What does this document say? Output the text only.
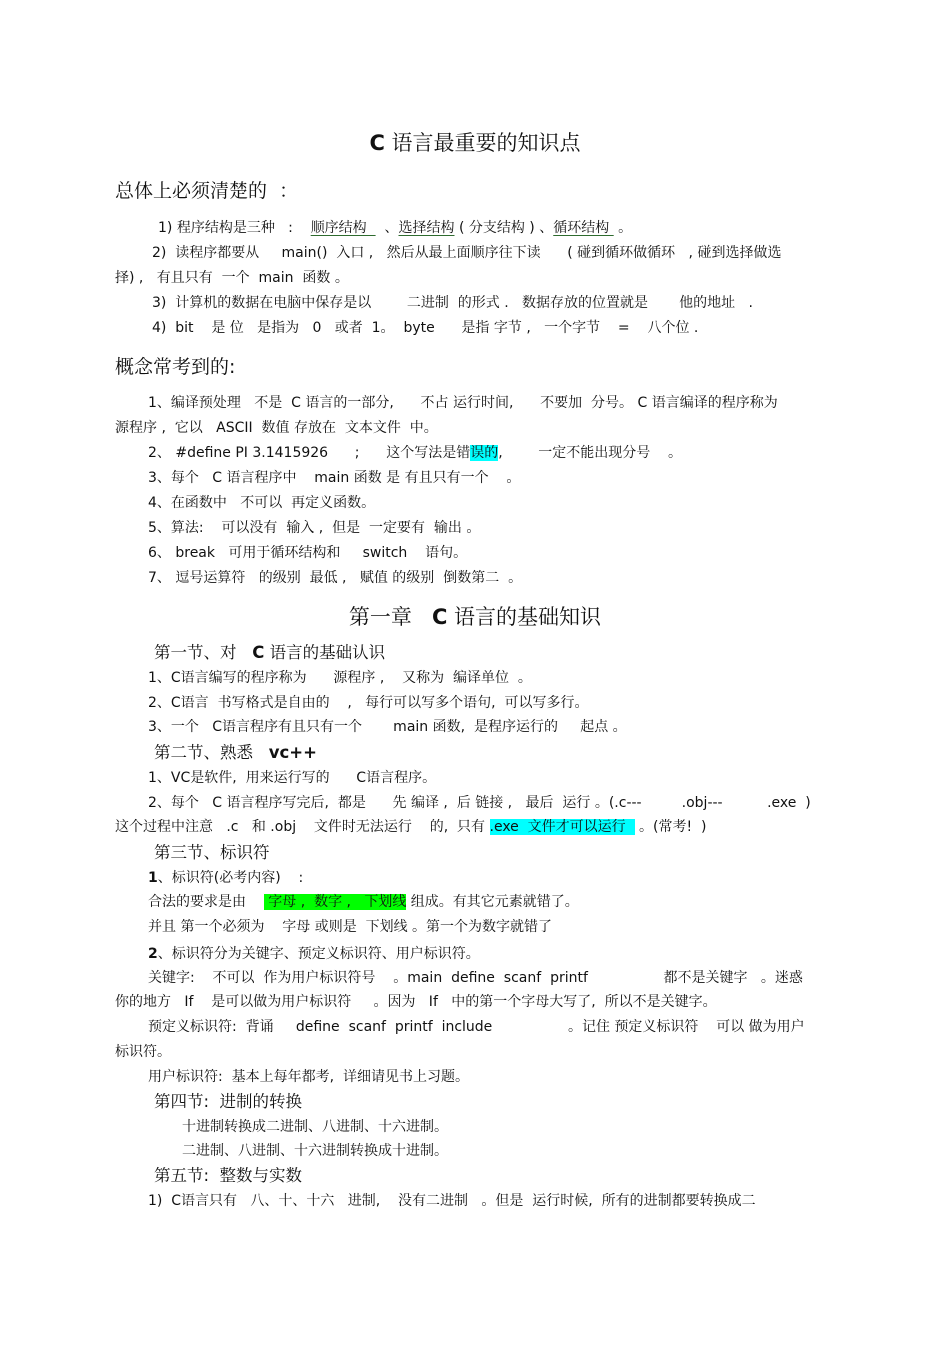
C 语言最重要的知识点
总体上必须清楚的  ：
1) 程序结构是三种   :    顺序结构    、选择结构 ( 分支结构 ) 、循环结构  。
2)  读程序都要从     main()  入口 ,   然后从最上面顺序往下读      ( 碰到循环做循环   , 碰到选择做选
择) ,   有且只有  一个  main  函数 。
3)  计算机的数据在电脑中保存是以        二进制  的形式 .   数据存放的位置就是       他的地址   .
4)  bit    是 位   是指为   0   或者  1。  byte      是指 字节 ,   一个字节    =    八个位 .
概念常考到的:
1、编译预处理   不是  C 语言的一部分,      不占 运行时间,      不要加  分号。 C 语言编译的程序称为
源程序 ,  它以   ASCII  数值 存放在  文本文件  中。
2、 #define PI 3.1415926      ;      这个写法是错误的,        一定不能出现分号    。
3、每个   C 语言程序中    main 函数 是 有且只有一个    。
4、在函数中   不可以  再定义函数。
5、算法:    可以没有  输入 ,  但是  一定要有  输出 。
6、 break   可用于循环结构和     switch    语句。
7、 逗号运算符   的级别  最低 ,   赋值 的级别  倒数第二  。
第一章   C 语言的基础知识
第一节、对   C 语言的基础认识
1、C语言编写的程序称为      源程序 ,    又称为  编译单位  。
2、C语言  书写格式是自由的    ,   每行可以写多个语句,  可以写多行。
3、一个   C语言程序有且只有一个       main 函数,  是程序运行的     起点 。
第二节、熟悉   vc++
1、VC是软件,  用来运行写的      C语言程序。
2、每个   C 语言程序写完后,  都是      先 编译 ,  后 链接 ,   最后  运行 。(.c---         .obj---          .exe  )
这个过程中注意   .c   和 .obj    文件时无法运行    的,  只有 .exe  文件才可以运行   。(常考!  )
第三节、标识符
1、标识符(必考内容)    :
合法的要求是由     字母 ,  数字 ,   下划线 组成。有其它元素就错了。
并且 第一个必须为    字母 或则是  下划线 。第一个为数字就错了
2、标识符分为关键字、预定义标识符、用户标识符。
关键字:    不可以  作为用户标识符号    。main  define  scanf  printf                 都不是关键字   。迷惑
你的地方   If    是可以做为用户标识符     。因为   If   中的第一个字母大写了,  所以不是关键字。
预定义标识符:  背诵     define  scanf  printf  include                 。记住 预定义标识符    可以 做为用户
标识符。
用户标识符:  基本上每年都考,  详细请见书上习题。
第四节:  进制的转换
十进制转换成二进制、八进制、十六进制。
二进制、八进制、十六进制转换成十进制。
第五节:  整数与实数
1)  C语言只有   八、十、十六   进制,    没有二进制   。但是  运行时候,  所有的进制都要转换成二
